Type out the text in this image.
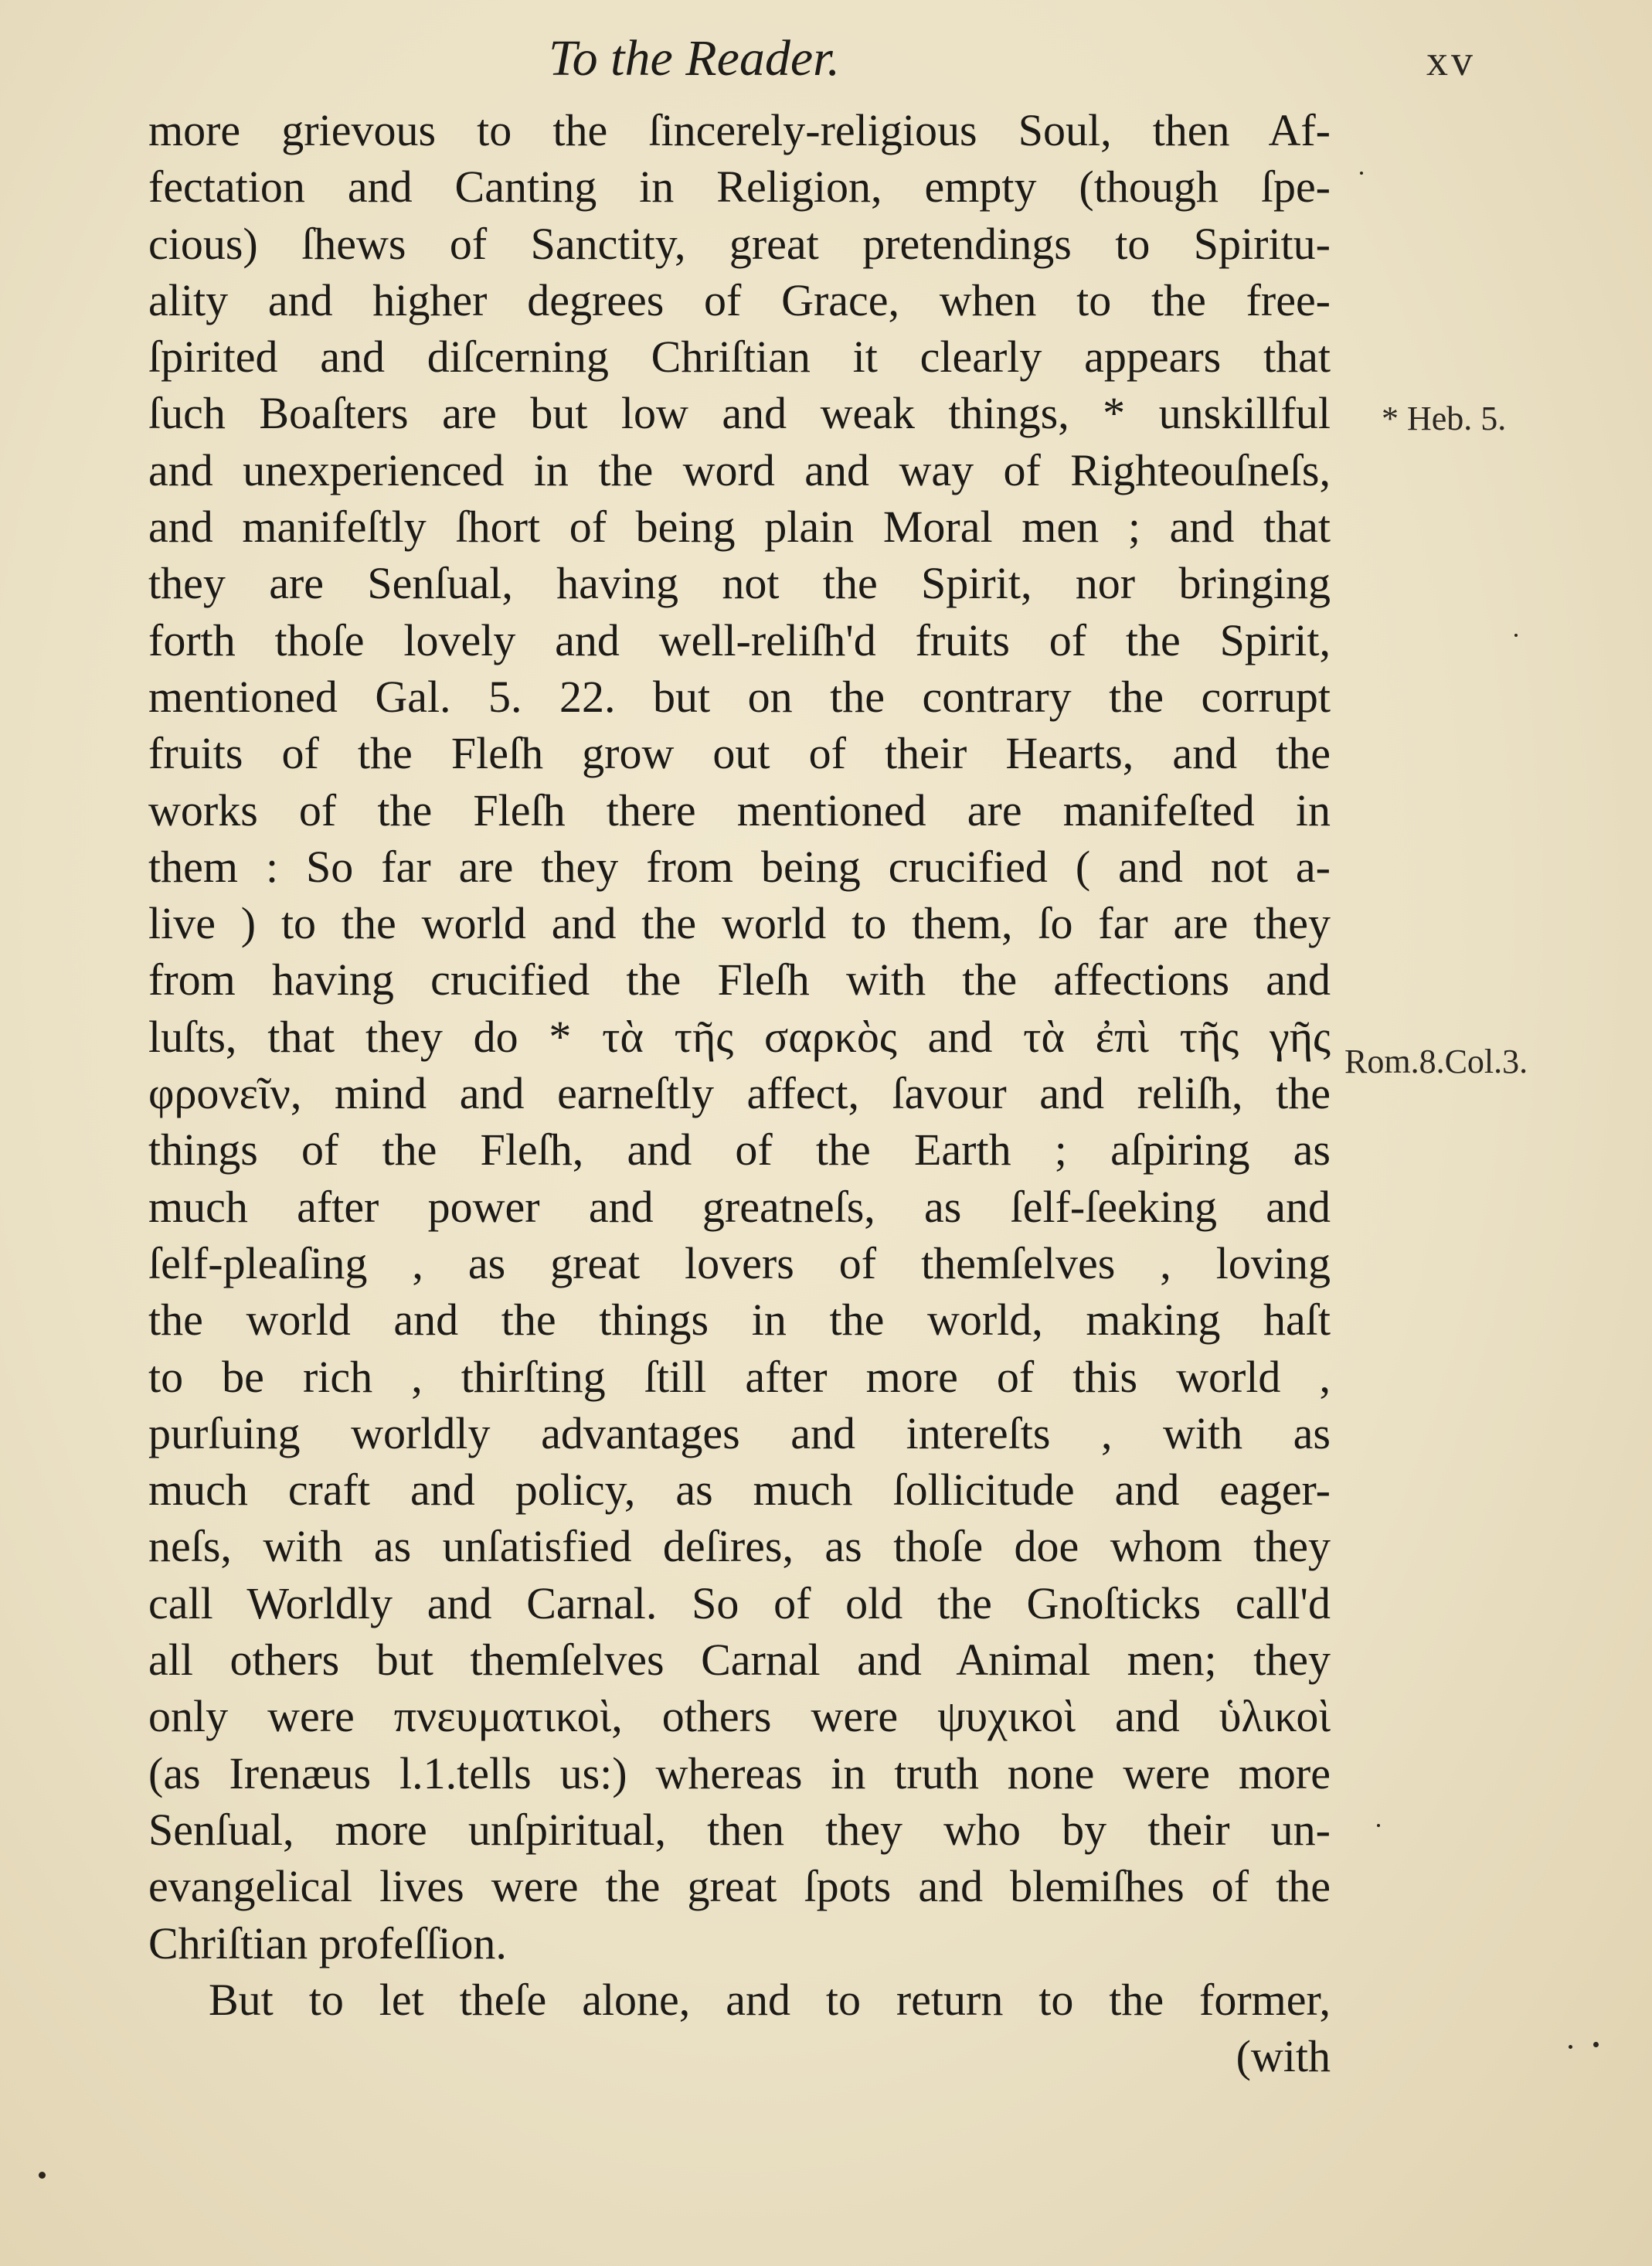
To the Reader.	xv
more grievous to the ſincerely-religious Soul, then Af-
fectation and Canting in Religion, empty (though ſpe-
cious) ſhews of Sanctity, great pretendings to Spiritu-
ality and higher degrees of Grace, when to the free-
ſpirited and diſcerning Chriſtian it clearly appears that
ſuch Boaſters are but low and weak things, * unskillful
and unexperienced in the word and way of Righteouſneſs,
and manifeſtly ſhort of being plain Moral men ; and that
they are Senſual, having not the Spirit, nor bringing
forth thoſe lovely and well-reliſh'd fruits of the Spirit,
mentioned Gal. 5. 22. but on the contrary the corrupt
fruits of the Fleſh grow out of their Hearts, and the
works of the Fleſh there mentioned are manifeſted in
them : So far are they from being crucified ( and not a-
live ) to the world and the world to them, ſo far are they
from having crucified the Fleſh with the affections and
luſts, that they do * τὰ τῆς σαρκὸς and τὰ ἐπὶ τῆς γῆς
φρονεῖν, mind and earneſtly affect, ſavour and reliſh, the
things of the Fleſh, and of the Earth ; aſpiring as
much after power and greatneſs, as ſelf-ſeeking and
ſelf-pleaſing , as great lovers of themſelves , loving
the world and the things in the world, making haſt
to be rich , thirſting ſtill after more of this world ,
purſuing worldly advantages and intereſts , with as
much craft and policy, as much ſollicitude and eager-
neſs, with as unſatisfied deſires, as thoſe doe whom they
call Worldly and Carnal. So of old the Gnoſticks call'd
all others but themſelves Carnal and Animal men; they
only were πνευματικοὶ, others were ψυχικοὶ and ὑλικοὶ
(as Irenæus l.1.tells us:) whereas in truth none were more
Senſual, more unſpiritual, then they who by their un-
evangelical lives were the great ſpots and blemiſhes of the
Chriſtian profeſſion.
But to let theſe alone, and to return to the former,
(with
* Heb. 5.
Rom.8.Col.3.
